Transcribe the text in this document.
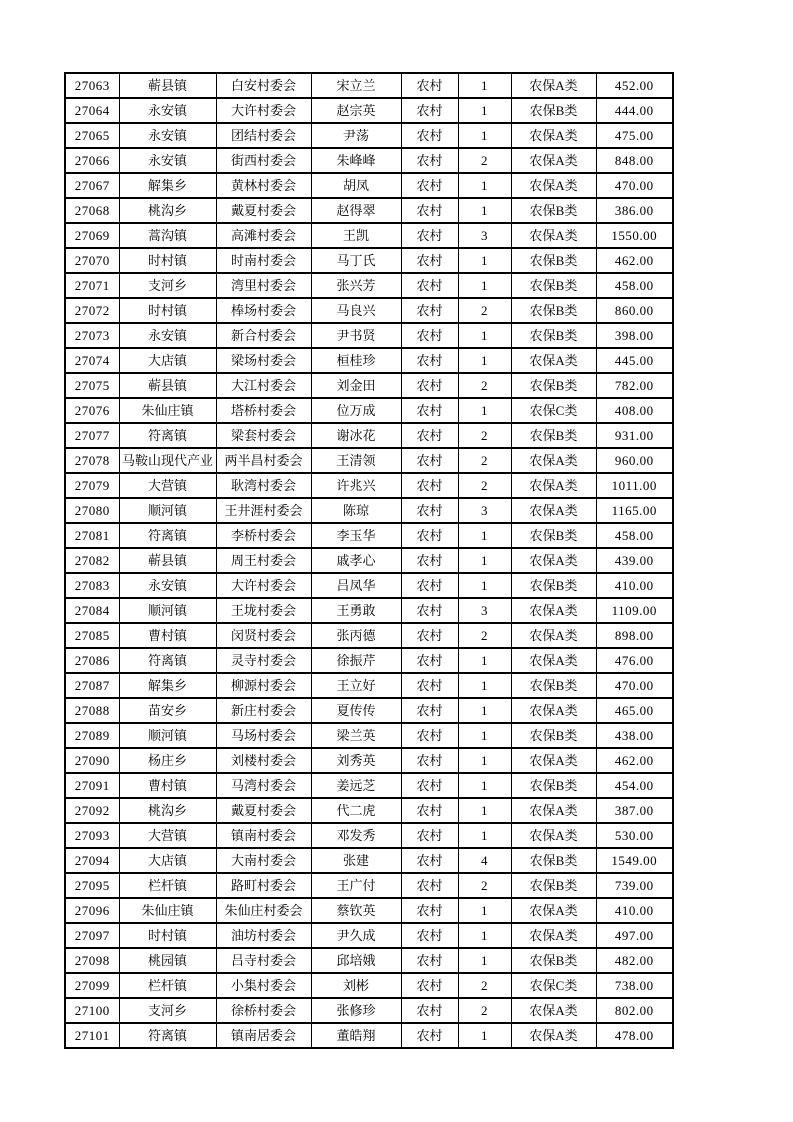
27063	蕲县镇	白安村委会	宋立兰	农村	1	农保A类	452.00
27064	永安镇	大许村委会	赵宗英	农村	1	农保B类	444.00
27065	永安镇	团结村委会	尹荡	农村	1	农保A类	475.00
27066	永安镇	街西村委会	朱峰峰	农村	2	农保A类	848.00
27067	解集乡	黄林村委会	胡凤	农村	1	农保A类	470.00
27068	桃沟乡	戴夏村委会	赵得翠	农村	1	农保B类	386.00
27069	蒿沟镇	高滩村委会	王凯	农村	3	农保A类	1550.00
27070	时村镇	时南村委会	马丁氏	农村	1	农保B类	462.00
27071	支河乡	湾里村委会	张兴芳	农村	1	农保B类	458.00
27072	时村镇	棒场村委会	马良兴	农村	2	农保B类	860.00
27073	永安镇	新合村委会	尹书贤	农村	1	农保B类	398.00
27074	大店镇	梁场村委会	桓桂珍	农村	1	农保A类	445.00
27075	蕲县镇	大江村委会	刘金田	农村	2	农保B类	782.00
27076	朱仙庄镇	塔桥村委会	位万成	农村	1	农保C类	408.00
27077	符离镇	梁套村委会	谢冰花	农村	2	农保B类	931.00
27078	马鞍山现代产业	两半昌村委会	王清领	农村	2	农保A类	960.00
27079	大营镇	耿湾村委会	许兆兴	农村	2	农保A类	1011.00
27080	顺河镇	王井涯村委会	陈琼	农村	3	农保A类	1165.00
27081	符离镇	李桥村委会	李玉华	农村	1	农保B类	458.00
27082	蕲县镇	周王村委会	戚孝心	农村	1	农保A类	439.00
27083	永安镇	大许村委会	吕凤华	农村	1	农保B类	410.00
27084	顺河镇	王垅村委会	王勇敢	农村	3	农保A类	1109.00
27085	曹村镇	闵贤村委会	张丙德	农村	2	农保A类	898.00
27086	符离镇	灵寺村委会	徐振芹	农村	1	农保A类	476.00
27087	解集乡	柳源村委会	王立好	农村	1	农保B类	470.00
27088	苗安乡	新庄村委会	夏传传	农村	1	农保A类	465.00
27089	顺河镇	马场村委会	梁兰英	农村	1	农保B类	438.00
27090	杨庄乡	刘楼村委会	刘秀英	农村	1	农保A类	462.00
27091	曹村镇	马湾村委会	姜远芝	农村	1	农保B类	454.00
27092	桃沟乡	戴夏村委会	代二虎	农村	1	农保A类	387.00
27093	大营镇	镇南村委会	邓发秀	农村	1	农保A类	530.00
27094	大店镇	大南村委会	张建	农村	4	农保B类	1549.00
27095	栏杆镇	路町村委会	王广付	农村	2	农保B类	739.00
27096	朱仙庄镇	朱仙庄村委会	蔡钦英	农村	1	农保A类	410.00
27097	时村镇	油坊村委会	尹久成	农村	1	农保A类	497.00
27098	桃园镇	吕寺村委会	邱培娥	农村	1	农保B类	482.00
27099	栏杆镇	小集村委会	刘彬	农村	2	农保C类	738.00
27100	支河乡	徐桥村委会	张修珍	农村	2	农保A类	802.00
27101	符离镇	镇南居委会	董皓翔	农村	1	农保A类	478.00
